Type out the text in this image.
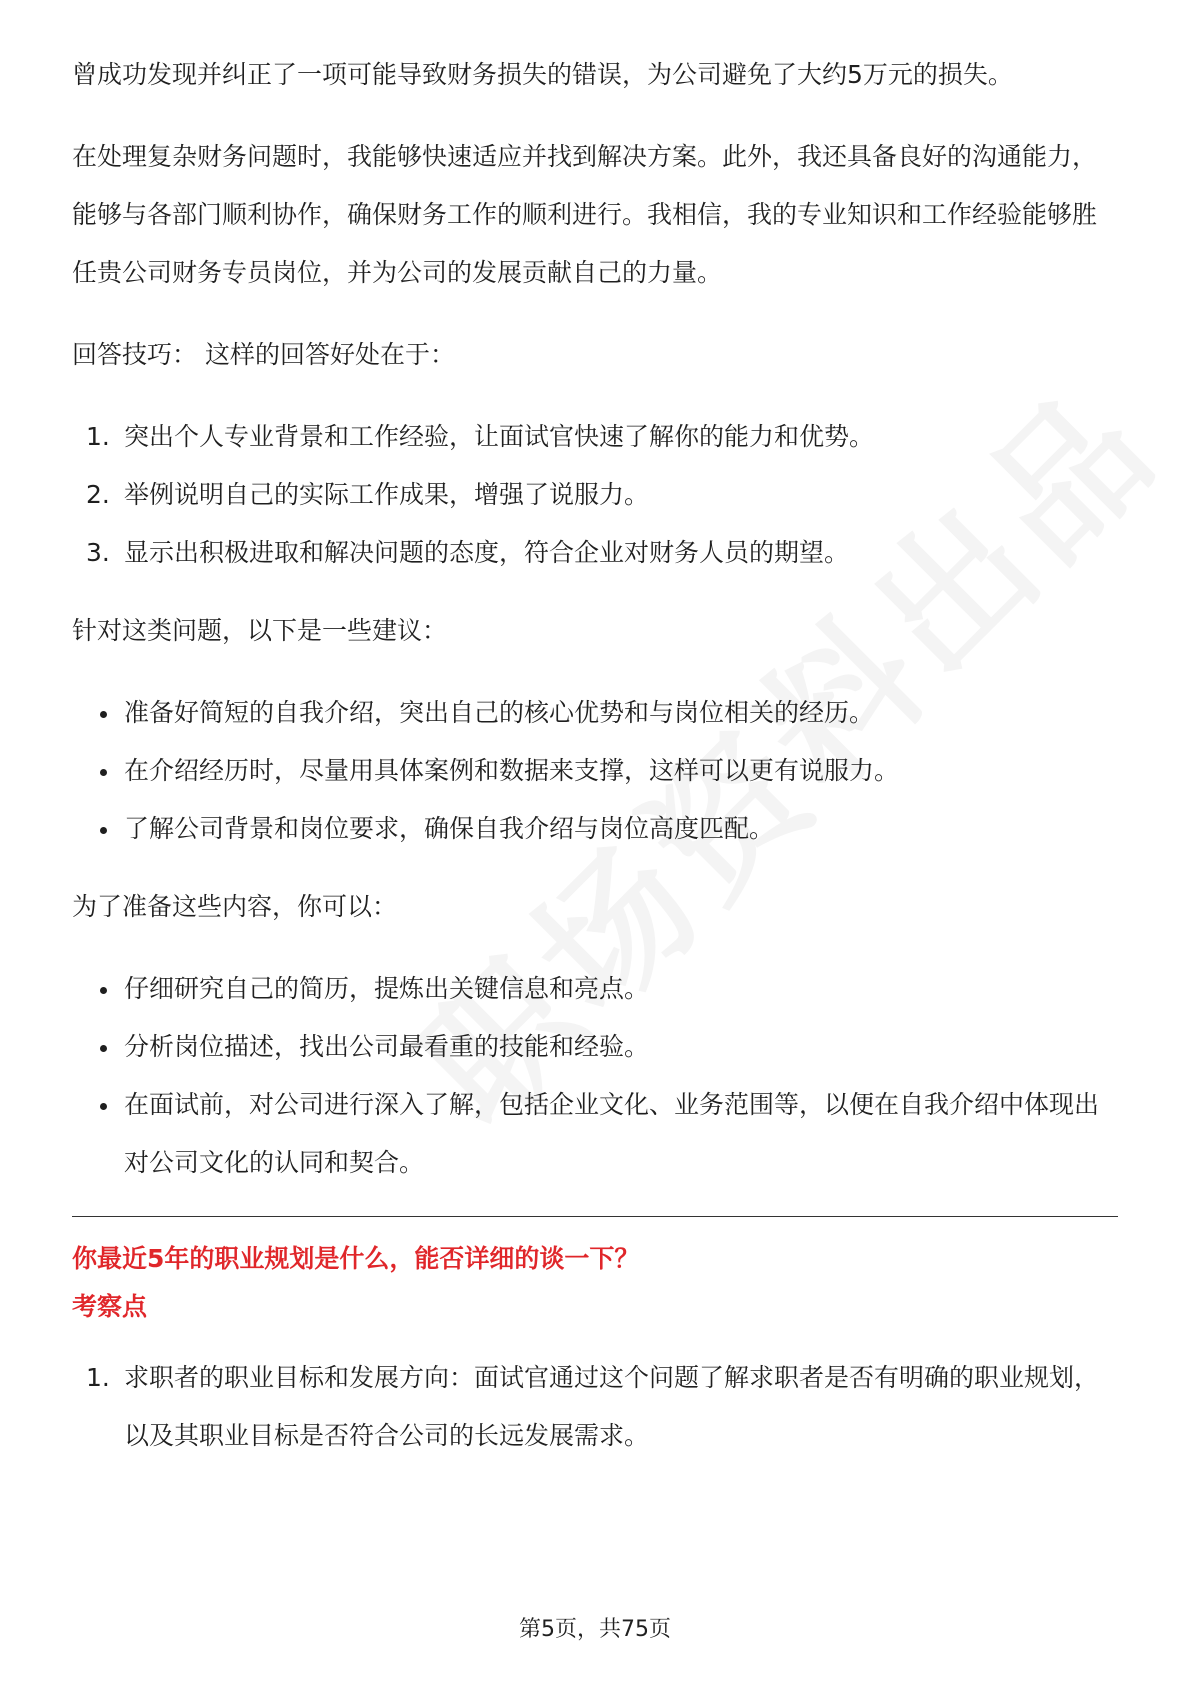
曾成功发现并纠正了一项可能导致财务损失的错误，为公司避免了大约5万元的损失。

在处理复杂财务问题时，我能够快速适应并找到解决方案。此外，我还具备良好的沟通能力，能够与各部门顺利协作，确保财务工作的顺利进行。我相信，我的专业知识和工作经验能够胜任贵公司财务专员岗位，并为公司的发展贡献自己的力量。

回答技巧： 这样的回答好处在于：

1. 突出个人专业背景和工作经验，让面试官快速了解你的能力和优势。
2. 举例说明自己的实际工作成果，增强了说服力。
3. 显示出积极进取和解决问题的态度，符合企业对财务人员的期望。

针对这类问题，以下是一些建议：

准备好简短的自我介绍，突出自己的核心优势和与岗位相关的经历。
在介绍经历时，尽量用具体案例和数据来支撑，这样可以更有说服力。
了解公司背景和岗位要求，确保自我介绍与岗位高度匹配。

为了准备这些内容，你可以：

仔细研究自己的简历，提炼出关键信息和亮点。
分析岗位描述，找出公司最看重的技能和经验。
在面试前，对公司进行深入了解，包括企业文化、业务范围等，以便在自我介绍中体现出对公司文化的认同和契合。

你最近5年的职业规划是什么，能否详细的谈一下？

考察点

1. 求职者的职业目标和发展方向：面试官通过这个问题了解求职者是否有明确的职业规划，以及其职业目标是否符合公司的长远发展需求。
第5页，共75页
